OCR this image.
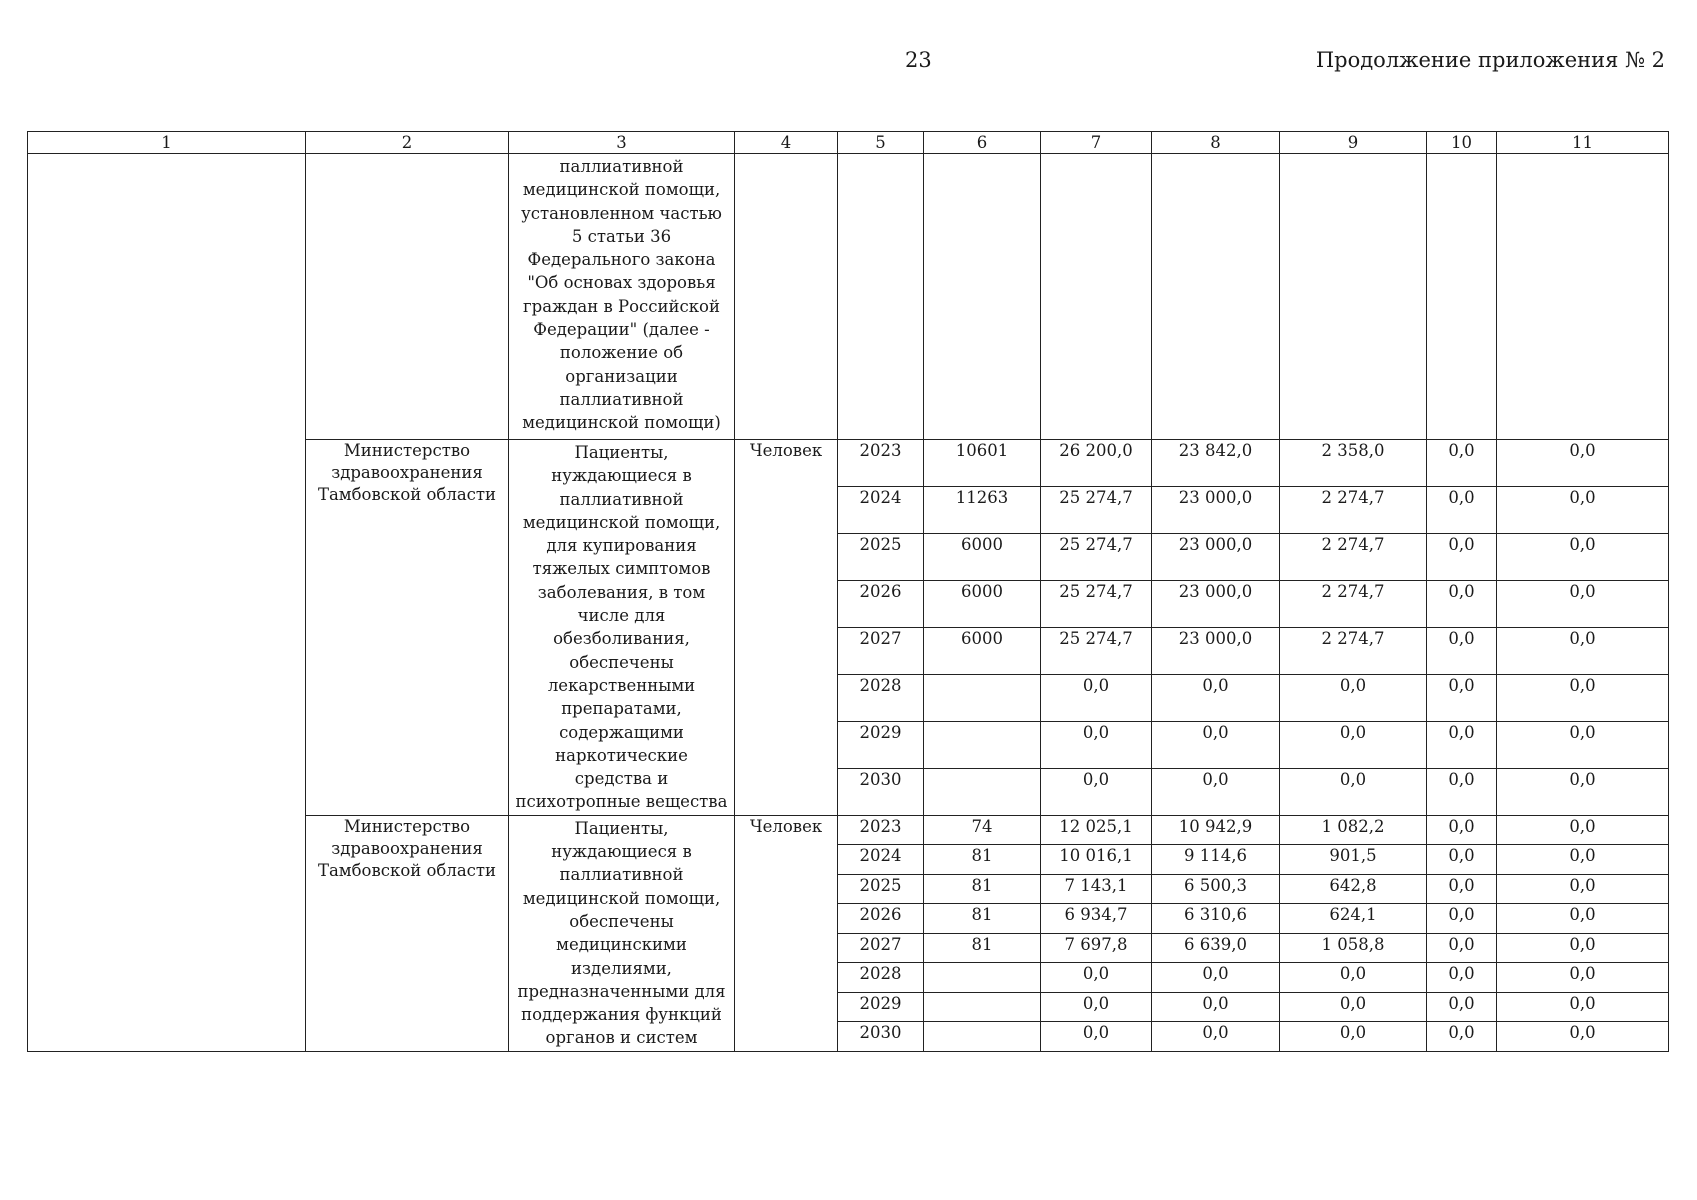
23	Продолжение приложения № 2
1	2	3	4	5	6	7	8	9	10	11
		паллиативной медицинской помощи, установленном частью 5 статьи 36 Федерального закона "Об основах здоровья граждан в Российской Федерации" (далее - положение об организации паллиативной медицинской помощи)								
	Министерство здравоохранения Тамбовской области	Пациенты, нуждающиеся в паллиативной медицинской помощи, для купирования тяжелых симптомов заболевания, в том числе для обезболивания, обеспечены лекарственными препаратами, содержащими наркотические средства и психотропные вещества	Человек	2023	10601	26 200,0	23 842,0	2 358,0	0,0	0,0
				2024	11263	25 274,7	23 000,0	2 274,7	0,0	0,0
				2025	6000	25 274,7	23 000,0	2 274,7	0,0	0,0
				2026	6000	25 274,7	23 000,0	2 274,7	0,0	0,0
				2027	6000	25 274,7	23 000,0	2 274,7	0,0	0,0
				2028		0,0	0,0	0,0	0,0	0,0
				2029		0,0	0,0	0,0	0,0	0,0
				2030		0,0	0,0	0,0	0,0	0,0
	Министерство здравоохранения Тамбовской области	Пациенты, нуждающиеся в паллиативной медицинской помощи, обеспечены медицинскими изделиями, предназначенными для поддержания функций органов и систем	Человек	2023	74	12 025,1	10 942,9	1 082,2	0,0	0,0
				2024	81	10 016,1	9 114,6	901,5	0,0	0,0
				2025	81	7 143,1	6 500,3	642,8	0,0	0,0
				2026	81	6 934,7	6 310,6	624,1	0,0	0,0
				2027	81	7 697,8	6 639,0	1 058,8	0,0	0,0
				2028		0,0	0,0	0,0	0,0	0,0
				2029		0,0	0,0	0,0	0,0	0,0
				2030		0,0	0,0	0,0	0,0	0,0
